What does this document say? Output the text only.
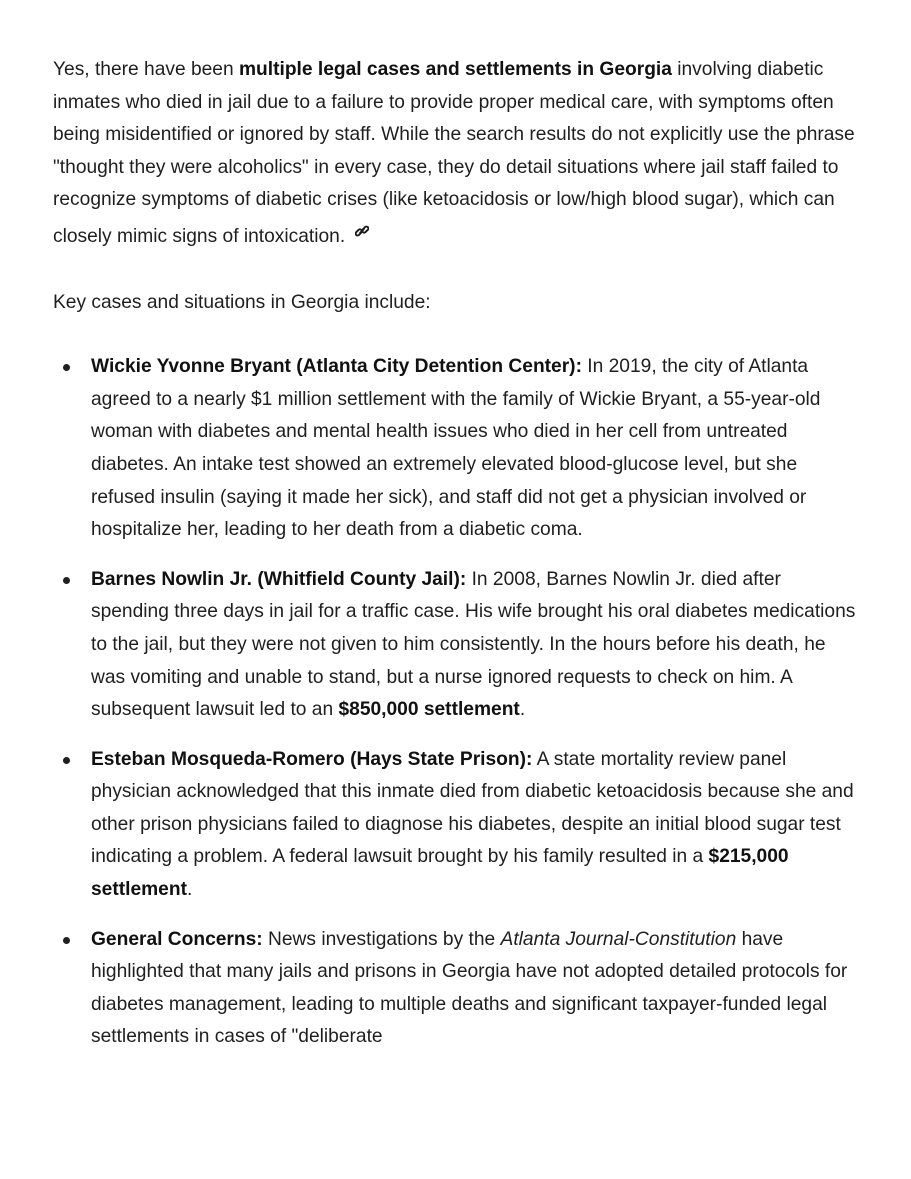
Yes, there have been multiple legal cases and settlements in Georgia involving diabetic inmates who died in jail due to a failure to provide proper medical care, with symptoms often being misidentified or ignored by staff. While the search results do not explicitly use the phrase "thought they were alcoholics" in every case, they do detail situations where jail staff failed to recognize symptoms of diabetic crises (like ketoacidosis or low/high blood sugar), which can closely mimic signs of intoxication.

Key cases and situations in Georgia include:

Wickie Yvonne Bryant (Atlanta City Detention Center): In 2019, the city of Atlanta agreed to a nearly $1 million settlement with the family of Wickie Bryant, a 55-year-old woman with diabetes and mental health issues who died in her cell from untreated diabetes. An intake test showed an extremely elevated blood-glucose level, but she refused insulin (saying it made her sick), and staff did not get a physician involved or hospitalize her, leading to her death from a diabetic coma.
Barnes Nowlin Jr. (Whitfield County Jail): In 2008, Barnes Nowlin Jr. died after spending three days in jail for a traffic case. His wife brought his oral diabetes medications to the jail, but they were not given to him consistently. In the hours before his death, he was vomiting and unable to stand, but a nurse ignored requests to check on him. A subsequent lawsuit led to an $850,000 settlement.
Esteban Mosqueda-Romero (Hays State Prison): A state mortality review panel physician acknowledged that this inmate died from diabetic ketoacidosis because she and other prison physicians failed to diagnose his diabetes, despite an initial blood sugar test indicating a problem. A federal lawsuit brought by his family resulted in a $215,000 settlement.
General Concerns: News investigations by the Atlanta Journal-Constitution have highlighted that many jails and prisons in Georgia have not adopted detailed protocols for diabetes management, leading to multiple deaths and significant taxpayer-funded legal settlements in cases of "deliberate
